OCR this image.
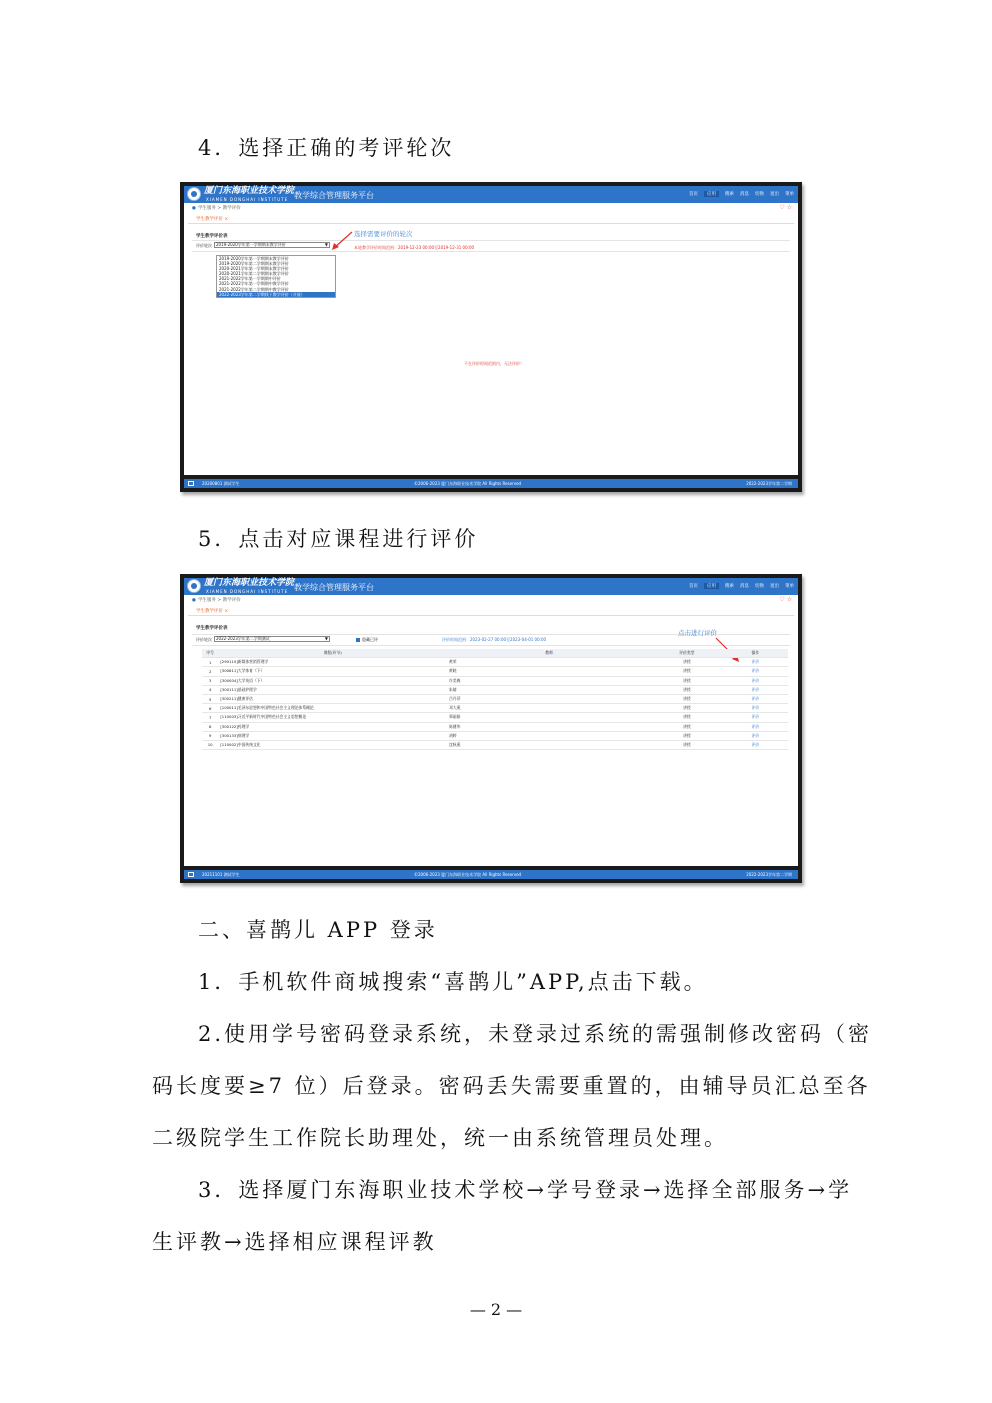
4．选择正确的考评轮次
厦门东海职业技术学院
XIAMEN DONGHAI INSTITUTE 教学综合管理服务平台	首页	应用	搜索 消息 切换 退出 菜单
● 学生服务 > 教学评价	♡ ☆
学生教学评价 ×
学生教学评价表
评价轮次	2019-2020学年第一学期期末教学评价	▼
本轮教学评价时间范围：2019-12-23 00:00至2019-12-31 00:00
选择需要评价的轮次
不在评价时间范围内，无法评价！
2019-2020学年第一学期期末教学评价
2019-2020学年第二学期期末教学评价
2020-2021学年第一学期期末教学评价
2020-2021学年第二学期期末教学评价
2021-2022学年第一学期期中评价
2021-2022学年第一学期期中教学评价
2021-2022学年第二学期期中教学评价
2022-2023学年第二学期线下教学评价（开放）
20200801 测试学生	©2006-2023 厦门东海职业技术学院 All Rights Reserved	2022-2023学年第二学期
5．点击对应课程进行评价
厦门东海职业技术学院
XIAMEN DONGHAI INSTITUTE 教学综合管理服务平台	首页	应用	搜索 消息 切换 退出 菜单
● 学生服务 > 教学评价	♡ ☆
学生教学评价 ×
学生教学评价表
评价轮次	2022-2023学年第二学期测试	▼	隐藏已评	评价时间范围：2023-02-27 00:00至2023-04-01 00:00
点击进行评价
序号	课程(环节)	教师	评价类型	操作
1	[290110]新媒体营销管理学	黄荣	讲授	评价
2	[300811]大学体育（下）	黄晓	讲授	评价
3	[300004]大学英语（下）	许美梅	讲授	评价
4	[300111]基础护理学	朱婧	讲授	评价
5	[300211]健康评估	吕丹萍	讲授	评价
6	[100011]毛泽东思想和中国特色社会主义理论体系概论	邓大燕	讲授	评价
7	[110003]习近平新时代中国特色社会主义思想概论	郑丽娟	讲授	评价
8	[300122]药理学	陈健华	讲授	评价
9	[300133]病理学	胡婷	讲授	评价
10	[110002]中国传统文化	沈秋燕	讲授	评价
20211101 测试学生	©2006-2023 厦门东海职业技术学院 All Rights Reserved	2022-2023学年第二学期
二、喜鹊儿 APP 登录
1．手机软件商城搜索“喜鹊儿”APP,点击下载。
2.使用学号密码登录系统，未登录过系统的需强制修改密码（密
码长度要≥7 位）后登录。密码丢失需要重置的，由辅导员汇总至各
二级院学生工作院长助理处，统一由系统管理员处理。
3．选择厦门东海职业技术学校→学号登录→选择全部服务→学
生评教→选择相应课程评教
— 2 —
